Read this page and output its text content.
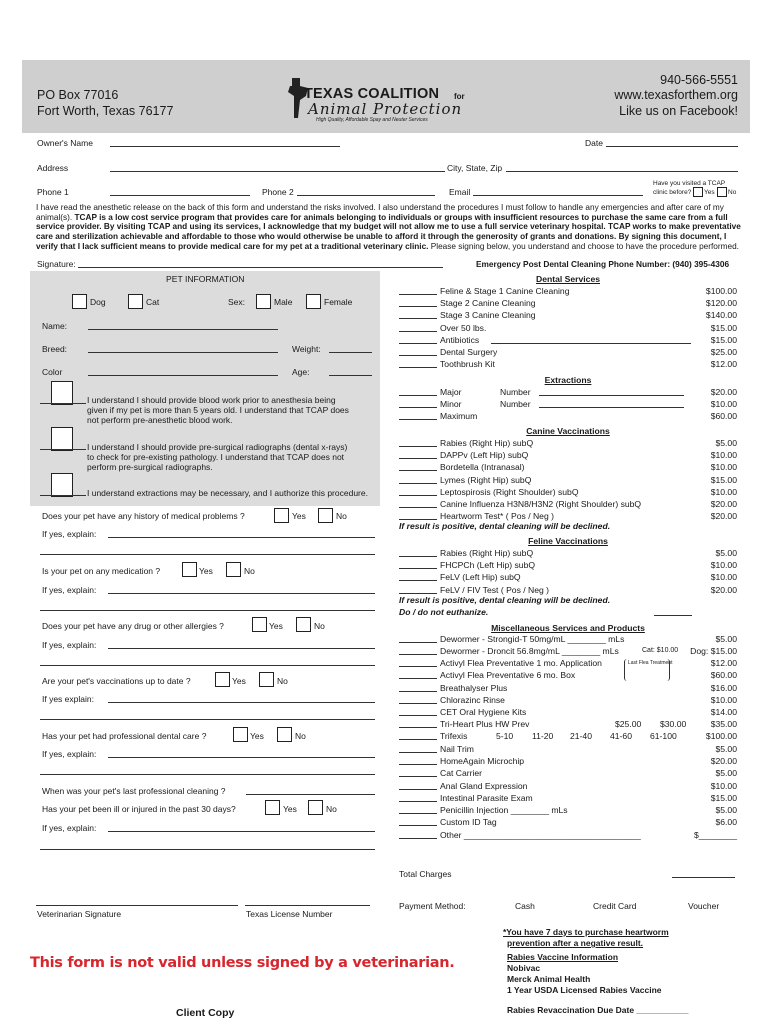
PO Box 77016
Fort Worth, Texas 76177
940-566-5551
www.texasforthem.org
Like us on Facebook!
TEXAS COALITION for
Animal Protection
High Quality, Affordable Spay and Neuter Services
Owner's Name	Date
Address	City, State, Zip
Phone 1	Phone 2	Email
Have you visited a TCAP
clinic before? Yes No
I have read the anesthetic release on the back of this form and understand the risks involved. I also understand the procedures I must follow to handle any emergencies and after care of my animal(s). TCAP is a low cost service program that provides care for animals belonging to individuals or groups with insufficient resources to purchase the same care from a full service provider. By visiting TCAP and using its services, I acknowledge that my budget will not allow me to use a full service veterinary hospital. TCAP works to make preventative care and sterilization achievable and affordable to those who would otherwise be unable to afford it through the generosity of grants and donations. By signing this document, I verify that I lack sufficient means to provide medical care for my pet at a traditional veterinary clinic. Please signing below, you understand and choose to have the procedure performed.
Signature:	Emergency Post Dental Cleaning Phone Number: (940) 395-4306
PET INFORMATION
Dog	Cat	Sex:	Male	Female
Name:
Breed:	Weight:
Color	Age:
I understand I should provide blood work prior to anesthesia being
given if my pet is more than 5 years old. I understand that TCAP does
not perform pre-anesthetic blood work.
I understand I should provide pre-surgical radiographs (dental x-rays)
to check for pre-existing pathology. I understand that TCAP does not
perform pre-surgical radiographs.
I understand extractions may be necessary, and I authorize this procedure.
Does your pet have any history of medical problems ?	Yes	No
If yes, explain:
Is your pet on any medication ?	Yes	No
If yes, explain:
Does your pet have any drug or other allergies ?	Yes	No
If yes, explain:
Are your pet's vaccinations up to date ?	Yes	No
If yes explain:
Has your pet had professional dental care ?	Yes	No
If yes, explain:
When was your pet's last professional cleaning ?
Has your pet been ill or injured in the past 30 days?	Yes	No
If yes, explain:
Dental Services
Feline & Stage 1 Canine Cleaning	$100.00
Stage 2 Canine Cleaning	$120.00
Stage 3 Canine Cleaning	$140.00
Over 50 lbs.	$15.00
Antibiotics	$15.00
Dental Surgery	$25.00
Toothbrush Kit	$12.00
Extractions
Major	Number	$20.00
Minor	Number	$10.00
Maximum	$60.00
Canine Vaccinations
Rabies (Right Hip) subQ	$5.00
DAPPv (Left Hip) subQ	$10.00
Bordetella (Intranasal)	$10.00
Lymes (Right Hip) subQ	$15.00
Leptospirosis (Right Shoulder) subQ	$10.00
Canine Influenza H3N8/H3N2 (Right Shoulder) subQ	$20.00
Heartworm Test* ( Pos / Neg )	$20.00
If result is positive, dental cleaning will be declined.
Feline Vaccinations
Rabies (Right Hip) subQ	$5.00
FHCPCh (Left Hip) subQ	$10.00
FeLV (Left Hip) subQ	$10.00
FeLV / FIV Test ( Pos / Neg )	$20.00
If result is positive, dental cleaning will be declined.
Do / do not euthanize.
Miscellaneous Services and Products
Dewormer - Strongid-T 50mg/mL ________ mLs	$5.00
Dewormer - Droncit 56.8mg/mL ________ mLs	Cat: $10.00 Dog: $15.00
Activyl Flea Preventative 1 mo. Application	$12.00
Last Flea Treatment
Activyl Flea Preventative 6 mo. Box	$60.00
Breathalyser Plus	$16.00
Chlorazinc Rinse	$10.00
CET Oral Hygiene Kits	$14.00
Tri-Heart Plus HW Prev	$25.00 $30.00	$35.00
Trifexis	5-10 11-20 21-40 41-60 61-100	$100.00
Nail Trim	$5.00
HomeAgain Microchip	$20.00
Cat Carrier	$5.00
Anal Gland Expression	$10.00
Intestinal Parasite Exam	$15.00
Penicillin Injection ________ mLs	$5.00
Custom ID Tag	$6.00
Other _____________________________________	$________
Total Charges
Payment Method:	Cash	Credit Card	Voucher
Veterinarian Signature	Texas License Number
*You have 7 days to purchase heartworm
prevention after a negative result.
Rabies Vaccine Information
Nobivac
Merck Animal Health
1 Year USDA Licensed Rabies Vaccine
Rabies Revaccination Due Date ___________
This form is not valid unless signed by a veterinarian.
Client Copy
